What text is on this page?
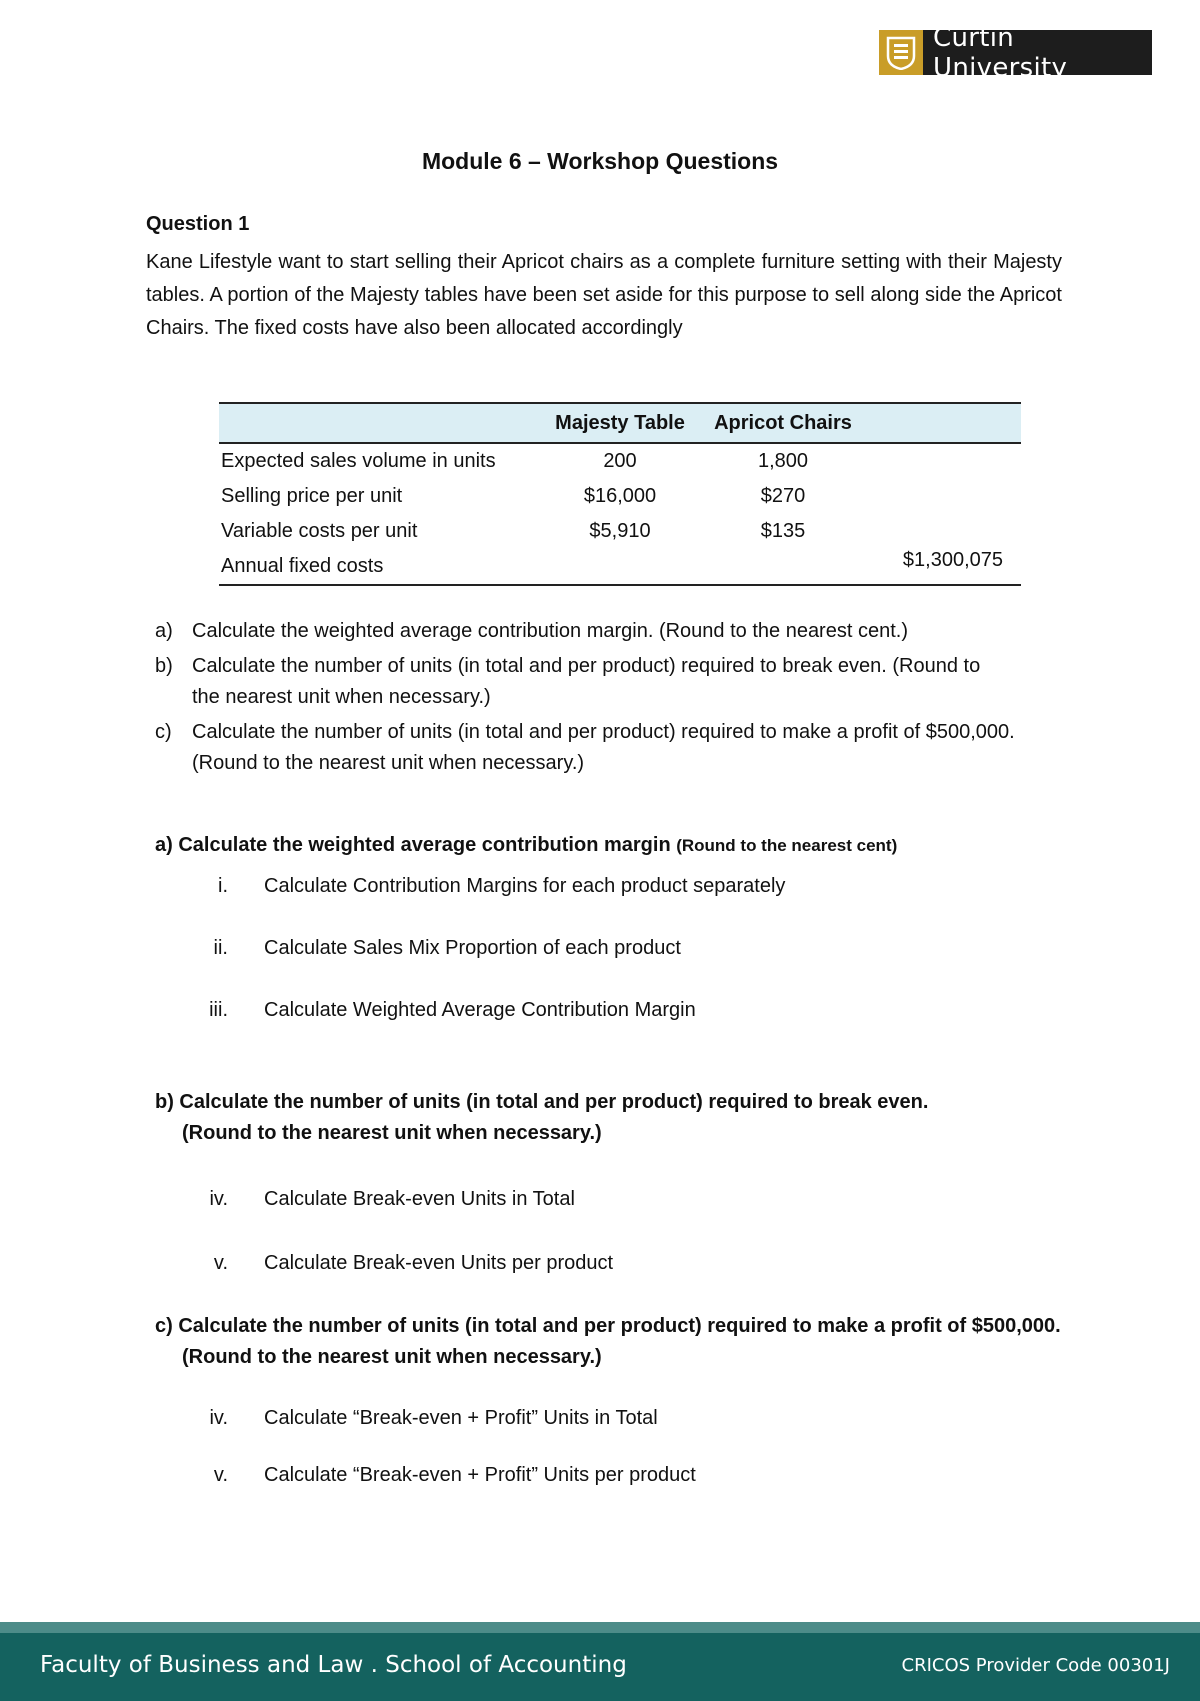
Curtin University
Module 6 – Workshop Questions
Question 1

Kane Lifestyle want to start selling their Apricot chairs as a complete furniture setting with their Majesty tables. A portion of the Majesty tables have been set aside for this purpose to sell along side the Apricot Chairs. The fixed costs have also been allocated accordingly

	Majesty Table	Apricot Chairs	
Expected sales volume in units	200	1,800	
Selling price per unit	$16,000	$270	
Variable costs per unit	$5,910	$135	
Annual fixed costs			$1,300,075
a) Calculate the weighted average contribution margin. (Round to the nearest cent.)
b) Calculate the number of units (in total and per product) required to break even. (Round to the nearest unit when necessary.)
c) Calculate the number of units (in total and per product) required to make a profit of $500,000. (Round to the nearest unit when necessary.)

a) Calculate the weighted average contribution margin (Round to the nearest cent)

i. Calculate Contribution Margins for each product separately
ii. Calculate Sales Mix Proportion of each product
iii. Calculate Weighted Average Contribution Margin

b) Calculate the number of units (in total and per product) required to break even.
(Round to the nearest unit when necessary.)

iv. Calculate Break-even Units in Total
v. Calculate Break-even Units per product

c) Calculate the number of units (in total and per product) required to make a profit of $500,000.
(Round to the nearest unit when necessary.)

iv. Calculate “Break-even + Profit” Units in Total
v. Calculate “Break-even + Profit” Units per product
Faculty of Business and Law . School of Accounting	CRICOS Provider Code 00301J
